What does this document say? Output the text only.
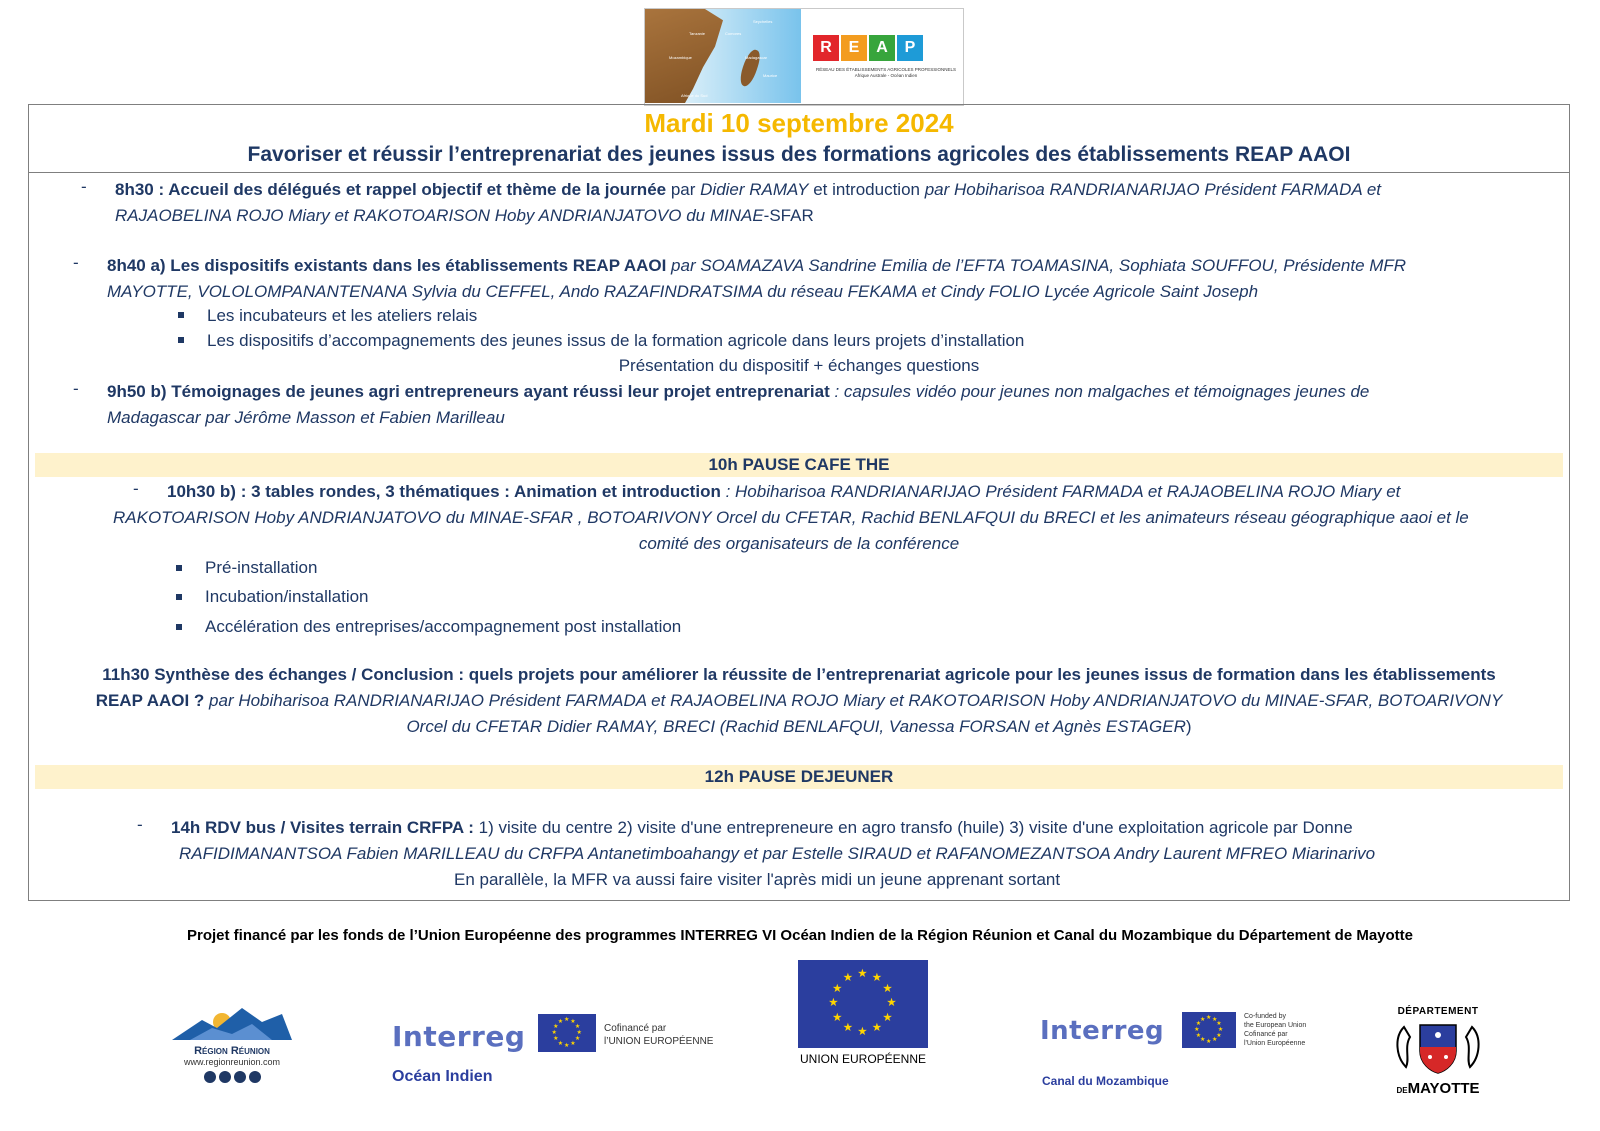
Tanzanie	Comores
Mozambique
Seychelles
Madagascar
Maurice
Afrique du Sud
R	E	A	P
RÉSEAU DES ÉTABLISSEMENTS AGRICOLES PROFESSIONNELS
Afrique Australe - Océan Indien
Mardi 10 septembre 2024
Favoriser et réussir l’entreprenariat des jeunes issus des formations agricoles des établissements REAP AAOI
- 8h30 : Accueil des délégués et rappel objectif et thème de la journée par Didier RAMAY et introduction par Hobiharisoa RANDRIANARIJAO Président FARMADA et
RAJAOBELINA ROJO Miary et RAKOTOARISON Hoby ANDRIANJATOVO du MINAE-SFAR
- 8h40 a) Les dispositifs existants dans les établissements REAP AAOI par SOAMAZAVA Sandrine Emilia de l’EFTA TOAMASINA, Sophiata SOUFFOU, Présidente MFR
MAYOTTE, VOLOLOMPANANTENANA Sylvia du CEFFEL, Ando RAZAFINDRATSIMA du réseau FEKAMA et Cindy FOLIO Lycée Agricole Saint Joseph
Les incubateurs et les ateliers relais
Les dispositifs d’accompagnements des jeunes issus de la formation agricole dans leurs projets d’installation
Présentation du dispositif + échanges questions
- 9h50 b) Témoignages de jeunes agri entrepreneurs ayant réussi leur projet entreprenariat : capsules vidéo pour jeunes non malgaches et témoignages jeunes de
Madagascar par Jérôme Masson et Fabien Marilleau
10h PAUSE CAFE THE
- 10h30 b) : 3 tables rondes, 3 thématiques : Animation et introduction : Hobiharisoa RANDRIANARIJAO Président FARMADA et RAJAOBELINA ROJO Miary et
RAKOTOARISON Hoby ANDRIANJATOVO du MINAE-SFAR , BOTOARIVONY Orcel du CFETAR, Rachid BENLAFQUI du BRECI et les animateurs réseau géographique aaoi et le
comité des organisateurs de la conférence
Pré-installation
Incubation/installation
Accélération des entreprises/accompagnement post installation
11h30 Synthèse des échanges / Conclusion : quels projets pour améliorer la réussite de l’entreprenariat agricole pour les jeunes issus de formation dans les établissements
REAP AAOI ? par Hobiharisoa RANDRIANARIJAO Président FARMADA et RAJAOBELINA ROJO Miary et RAKOTOARISON Hoby ANDRIANJATOVO du MINAE-SFAR, BOTOARIVONY
Orcel du CFETAR Didier RAMAY, BRECI (Rachid BENLAFQUI, Vanessa FORSAN et Agnès ESTAGER)
12h PAUSE DEJEUNER
- 14h RDV bus / Visites terrain CRFPA : 1) visite du centre 2) visite d'une entrepreneure en agro transfo (huile) 3) visite d'une exploitation agricole par Donne
RAFIDIMANANTSOA Fabien MARILLEAU du CRFPA Antanetimboahangy et par Estelle SIRAUD et RAFANOMEZANTSOA Andry Laurent MFREO Miarinarivo
En parallèle, la MFR va aussi faire visiter l'après midi un jeune apprenant sortant
Projet financé par les fonds de l’Union Européenne des programmes INTERREG VI Océan Indien de la Région Réunion et Canal du Mozambique du Département de Mayotte
Région Réunion
www.regionreunion.com
Interreg
Océan Indien
★ ★
★
★
★
★
★
★
★
★
★
★
Cofinancé par
l’UNION EUROPÉENNE
★ ★
★
★
★
★
★
★
★
★
★
★
UNION EUROPÉENNE
Interreg
Canal du Mozambique
★ ★
★
★
★
★
★
★
★
★
★
★	Co-funded by
the European Union
Cofinancé par
l'Union Européenne
DÉPARTEMENT
DEMAYOTTE
